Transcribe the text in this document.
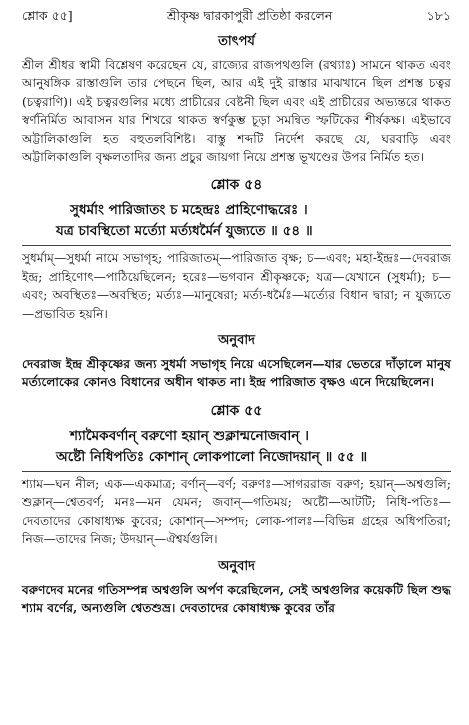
শ্লোক ৫৫]	শ্রীকৃষ্ণ দ্বারকাপুরী প্রতিষ্ঠা করলেন	১৮১
তাৎপর্য
শ্রীল শ্রীধর স্বামী বিশ্লেষণ করেছেন যে, রাজ্যের রাজপথগুলি (রথ্যাঃ) সামনে থাকত এবং আনুষঙ্গিক রাস্তাগুলি তার পেছনে ছিল, আর এই দুই রাস্তার মাঝখানে ছিল প্রশস্ত চত্বর (চত্বরাণি)। এই চত্বরগুলির মধ্যে প্রাচীরের বেষ্টনী ছিল এবং এই প্রাচীরের অভ্যন্তরে থাকত স্বর্ণনির্মিত আবাসন যার শিখরে থাকত স্বর্ণকুম্ভ চূড়া সমন্বিত স্ফটিকের শীর্ষকক্ষ। এইভাবে অট্টালিকাগুলি হত বহুতলবিশিষ্ট। বাস্তু শব্দটি নির্দেশ করছে যে, ঘরবাড়ি এবং অট্টালিকাগুলি বৃক্ষলতাদির জন্য প্রচুর জায়গা নিয়ে প্রশস্ত ভূখণ্ডের উপর নির্মিত হত।
শ্লোক ৫৪
সুধর্মাং পারিজাতং চ মহেন্দ্রঃ প্রাহিণোদ্ধরেঃ ।
যত্র চাবস্থিতো মর্ত্যো মর্ত্যধর্মৈর্ন যুজ্যতে ॥ ৫৪ ॥
সুধর্মাম্—সুধর্মা নামে সভাগৃহ; পারিজাতম্—পারিজাত বৃক্ষ; চ—এবং; মহা-ইন্দ্রঃ—দেবরাজ ইন্দ্র; প্রাহিণোৎ—পাঠিয়েছিলেন; হরেঃ—ভগবান শ্রীকৃষ্ণকে; যত্র—যেখানে (সুধর্মা); চ—এবং; অবস্থিতঃ—অবস্থিত; মর্ত্যঃ—মানুষেরা; মর্ত্য-ধর্মৈঃ—মর্ত্যের বিধান দ্বারা; ন যুজ্যতে—প্রভাবিত হয়নি।
অনুবাদ
দেবরাজ ইন্দ্র শ্রীকৃষ্ণের জন্য সুধর্মা সভাগৃহ নিয়ে এসেছিলেন—যার ভেতরে দাঁড়ালে মানুষ মর্ত্যলোকের কোনও বিধানের অধীন থাকত না। ইন্দ্র পারিজাত বৃক্ষও এনে দিয়েছিলেন।
শ্লোক ৫৫
শ্যামৈকবর্ণান্ বরুণো হয়ান্ শুক্লান্মনোজবান্ ।
অষ্টৌ নিধিপতিঃ কোশান্ লোকপালো নিজোদয়ান্ ॥ ৫৫ ॥
শ্যাম—ঘন নীল; এক—একমাত্র; বর্ণান্—বর্ণ; বরুণঃ—সাগররাজ বরুণ; হয়ান্—অশ্বগুলি; শুক্লান্—শ্বেতবর্ণ; মনঃ—মন যেমন; জবান্—গতিময়; অষ্টৌ—আটটি; নিধি-পতিঃ—দেবতাদের কোষাধ্যক্ষ কুবের; কোশান্—সম্পদ; লোক-পালঃ—বিভিন্ন গ্রহের অধিপতিরা; নিজ—তাদের নিজ; উদয়ান্—ঐশ্বর্যগুলি।
অনুবাদ
বরুণদেব মনের গতিসম্পন্ন অশ্বগুলি অর্পণ করেছিলেন, সেই অশ্বগুলির কয়েকটি ছিল শুদ্ধ শ্যাম বর্ণের, অন্যগুলি শ্বেতশুভ্র। দেবতাদের কোষাধ্যক্ষ কুবের তাঁর
